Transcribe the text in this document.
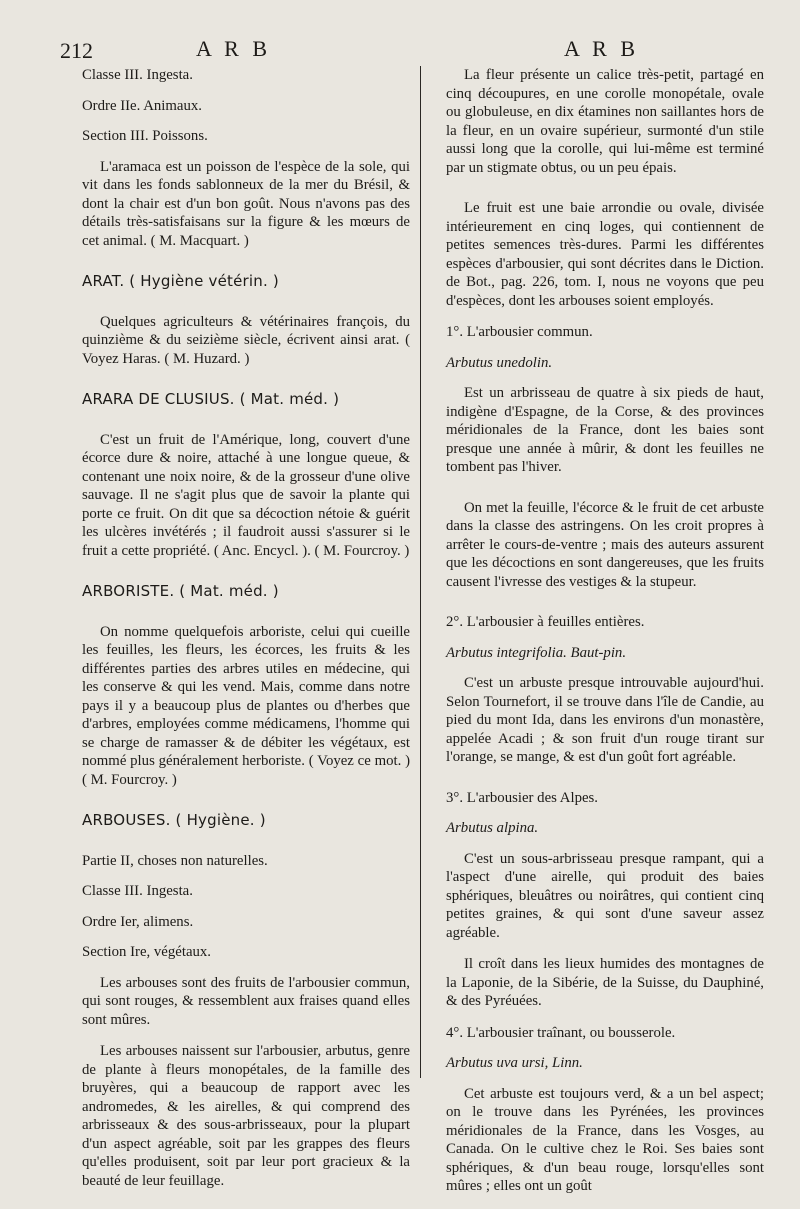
212	A R B	A R B

Classe III. Ingesta.

Ordre IIe. Animaux.

Section III. Poissons.

L'aramaca est un poisson de l'espèce de la sole, qui vit dans les fonds sablonneux de la mer du Brésil, & dont la chair est d'un bon goût. Nous n'avons pas des détails très-satisfaisans sur la figure & les mœurs de cet animal. ( M. Macquart. )

ARAT. ( Hygiène vétérin. )

Quelques agriculteurs & vétérinaires françois, du quinzième & du seizième siècle, écrivent ainsi arat. ( Voyez Haras. ( M. Huzard. )

ARARA DE CLUSIUS. ( Mat. méd. )

C'est un fruit de l'Amérique, long, couvert d'une écorce dure & noire, attaché à une longue queue, & contenant une noix noire, & de la grosseur d'une olive sauvage. Il ne s'agit plus que de savoir la plante qui porte ce fruit. On dit que sa décoction nétoie & guérit les ulcères invétérés ; il faudroit aussi s'assurer si le fruit a cette propriété. ( Anc. Encycl. ). ( M. Fourcroy. )

ARBORISTE. ( Mat. méd. )

On nomme quelquefois arboriste, celui qui cueille les feuilles, les fleurs, les écorces, les fruits & les différentes parties des arbres utiles en médecine, qui les conserve & qui les vend. Mais, comme dans notre pays il y a beaucoup plus de plantes ou d'herbes que d'arbres, employées comme médicamens, l'homme qui se charge de ramasser & de débiter les végétaux, est nommé plus généralement herboriste. ( Voyez ce mot. ) ( M. Fourcroy. )

ARBOUSES. ( Hygiène. )

Partie II, choses non naturelles.

Classe III. Ingesta.

Ordre Ier, alimens.

Section Ire, végétaux.

Les arbouses sont des fruits de l'arbousier commun, qui sont rouges, & ressemblent aux fraises quand elles sont mûres.

Les arbouses naissent sur l'arbousier, arbutus, genre de plante à fleurs monopétales, de la famille des bruyères, qui a beaucoup de rapport avec les andromedes, & les airelles, & qui comprend des arbrisseaux & des sous-arbrisseaux, pour la plupart d'un aspect agréable, soit par les grappes des fleurs qu'elles produisent, soit par leur port gracieux & la beauté de leur feuillage.

La fleur présente un calice très-petit, partagé en cinq découpures, en une corolle monopétale, ovale ou globuleuse, en dix étamines non saillantes hors de la fleur, en un ovaire supérieur, surmonté d'un stile aussi long que la corolle, qui lui-même est terminé par un stigmate obtus, ou un peu épais.

Le fruit est une baie arrondie ou ovale, divisée intérieurement en cinq loges, qui contiennent de petites semences très-dures. Parmi les différentes espèces d'arbousier, qui sont décrites dans le Diction. de Bot., pag. 226, tom. I, nous ne voyons que peu d'espèces, dont les arbouses soient employés.

1°. L'arbousier commun.

Arbutus unedolin.

Est un arbrisseau de quatre à six pieds de haut, indigène d'Espagne, de la Corse, & des provinces méridionales de la France, dont les baies sont presque une année à mûrir, & dont les feuilles ne tombent pas l'hiver.

On met la feuille, l'écorce & le fruit de cet arbuste dans la classe des astringens. On les croit propres à arrêter le cours-de-ventre ; mais des auteurs assurent que les décoctions en sont dangereuses, que les fruits causent l'ivresse des vestiges & la stupeur.

2°. L'arbousier à feuilles entières.

Arbutus integrifolia. Baut-pin.

C'est un arbuste presque introuvable aujourd'hui. Selon Tournefort, il se trouve dans l'île de Candie, au pied du mont Ida, dans les environs d'un monastère, appelée Acadi ; & son fruit d'un rouge tirant sur l'orange, se mange, & est d'un goût fort agréable.

3°. L'arbousier des Alpes.

Arbutus alpina.

C'est un sous-arbrisseau presque rampant, qui a l'aspect d'une airelle, qui produit des baies sphériques, bleuâtres ou noirâtres, qui contient cinq petites graines, & qui sont d'une saveur assez agréable.

Il croît dans les lieux humides des montagnes de la Laponie, de la Sibérie, de la Suisse, du Dauphiné, & des Pyréuées.

4°. L'arbousier traînant, ou bousserole.

Arbutus uva ursi, Linn.

Cet arbuste est toujours verd, & a un bel aspect; on le trouve dans les Pyrénées, les provinces méridionales de la France, dans les Vosges, au Canada. On le cultive chez le Roi. Ses baies sont sphériques, & d'un beau rouge, lorsqu'elles sont mûres ; elles ont un goût
